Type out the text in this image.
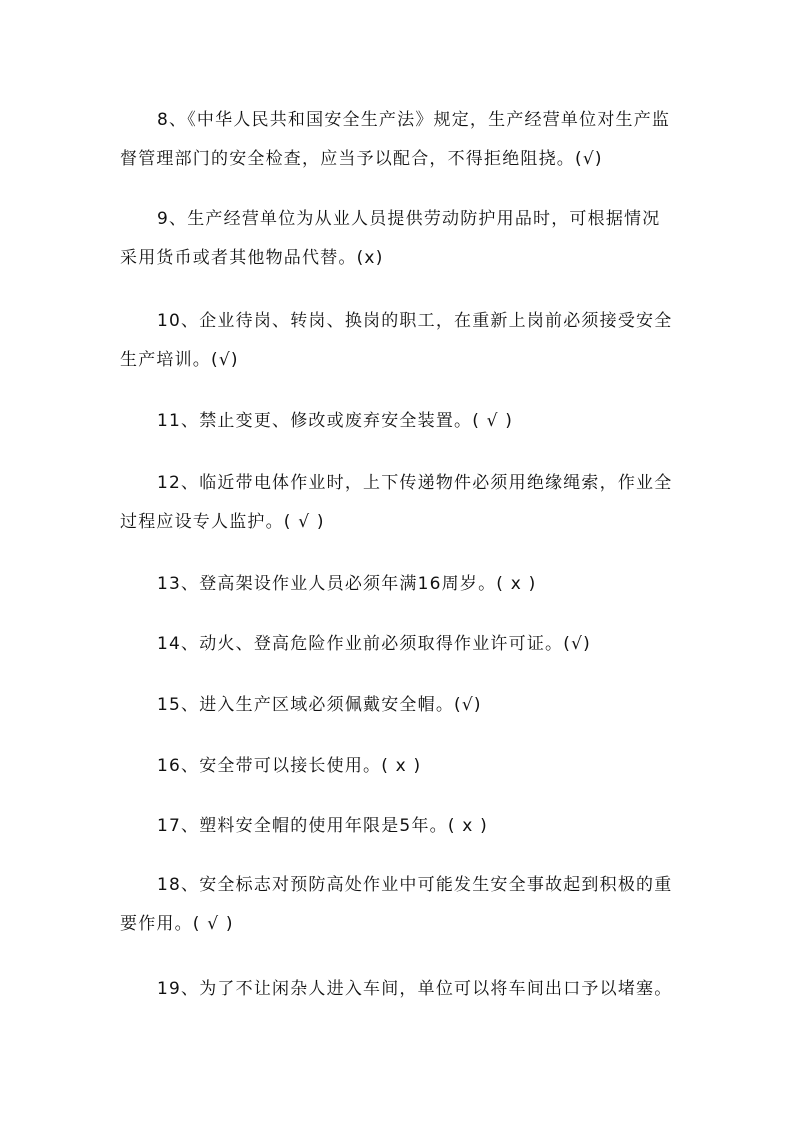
8、《中华人民共和国安全生产法》规定，生产经营单位对生产监
督管理部门的安全检查，应当予以配合，不得拒绝阻挠。(√)
9、生产经营单位为从业人员提供劳动防护用品时，可根据情况
采用货币或者其他物品代替。(x)
10、企业待岗、转岗、换岗的职工，在重新上岗前必须接受安全
生产培训。(√)
11、禁止变更、修改或废弃安全装置。( √ )
12、临近带电体作业时，上下传递物件必须用绝缘绳索，作业全
过程应设专人监护。( √ )
13、登高架设作业人员必须年满16周岁。( x )
14、动火、登高危险作业前必须取得作业许可证。(√)
15、进入生产区域必须佩戴安全帽。(√)
16、安全带可以接长使用。( x )
17、塑料安全帽的使用年限是5年。( x )
18、安全标志对预防高处作业中可能发生安全事故起到积极的重
要作用。( √ )
19、为了不让闲杂人进入车间，单位可以将车间出口予以堵塞。
